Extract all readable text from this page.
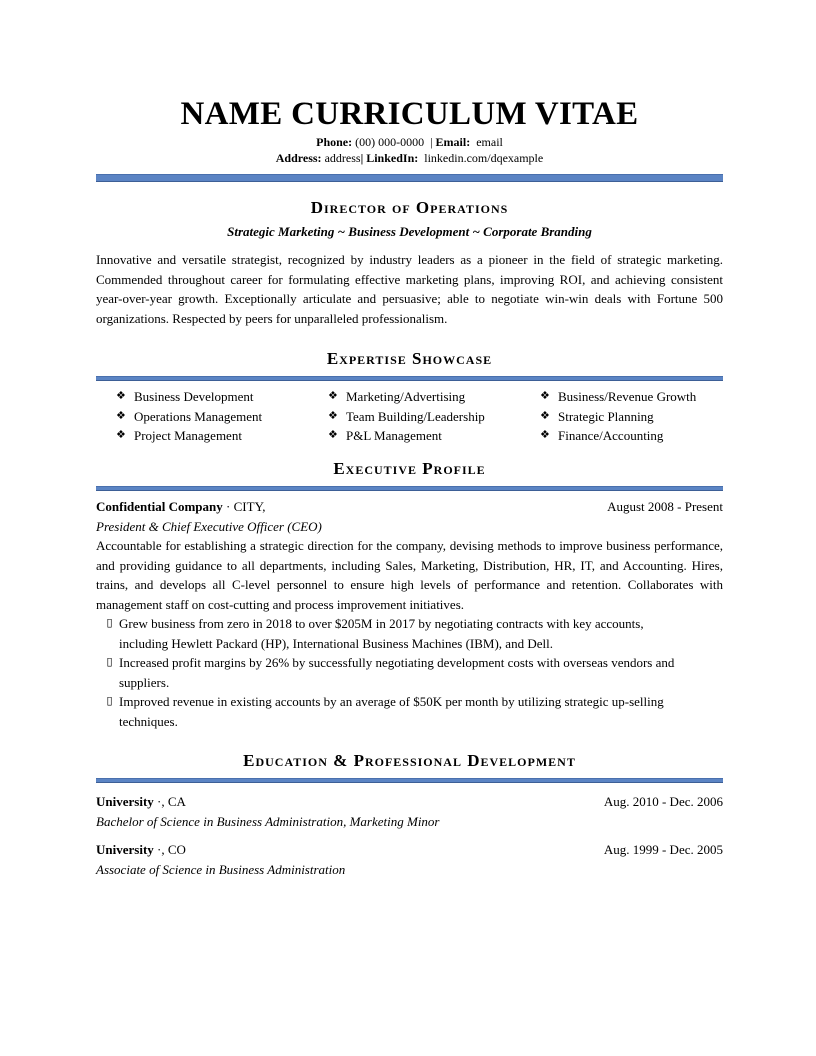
NAME CURRICULUM VITAE
Phone: (00) 000-0000  | Email: email
Address: address| LinkedIn: linkedin.com/dqexample
Director of Operations
Strategic Marketing ~ Business Development ~ Corporate Branding
Innovative and versatile strategist, recognized by industry leaders as a pioneer in the field of strategic marketing. Commended throughout career for formulating effective marketing plans, improving ROI, and achieving consistent year-over-year growth. Exceptionally articulate and persuasive; able to negotiate win-win deals with Fortune 500 organizations. Respected by peers for unparalleled professionalism.
Expertise Showcase
❖ Business Development	❖ Marketing/Advertising	❖ Business/Revenue Growth
❖ Operations Management	❖ Team Building/Leadership	❖ Strategic Planning
❖ Project Management	❖ P&L Management	❖ Finance/Accounting
Executive Profile
Confidential Company · CITY,	August 2008 - Present
President & Chief Executive Officer (CEO)
Accountable for establishing a strategic direction for the company, devising methods to improve business performance, and providing guidance to all departments, including Sales, Marketing, Distribution, HR, IT, and Accounting. Hires, trains, and develops all C-level personnel to ensure high levels of performance and retention. Collaborates with management staff on cost-cutting and process improvement initiatives.
▯ Grew business from zero in 2018 to over $205M in 2017 by negotiating contracts with key accounts, including Hewlett Packard (HP), International Business Machines (IBM), and Dell.
▯ Increased profit margins by 26% by successfully negotiating development costs with overseas vendors and suppliers.
▯ Improved revenue in existing accounts by an average of $50K per month by utilizing strategic up-selling techniques.
Education & Professional Development
University ·, CA	Aug. 2010 - Dec. 2006
Bachelor of Science in Business Administration, Marketing Minor
University ·, CO	Aug. 1999 - Dec. 2005
Associate of Science in Business Administration
